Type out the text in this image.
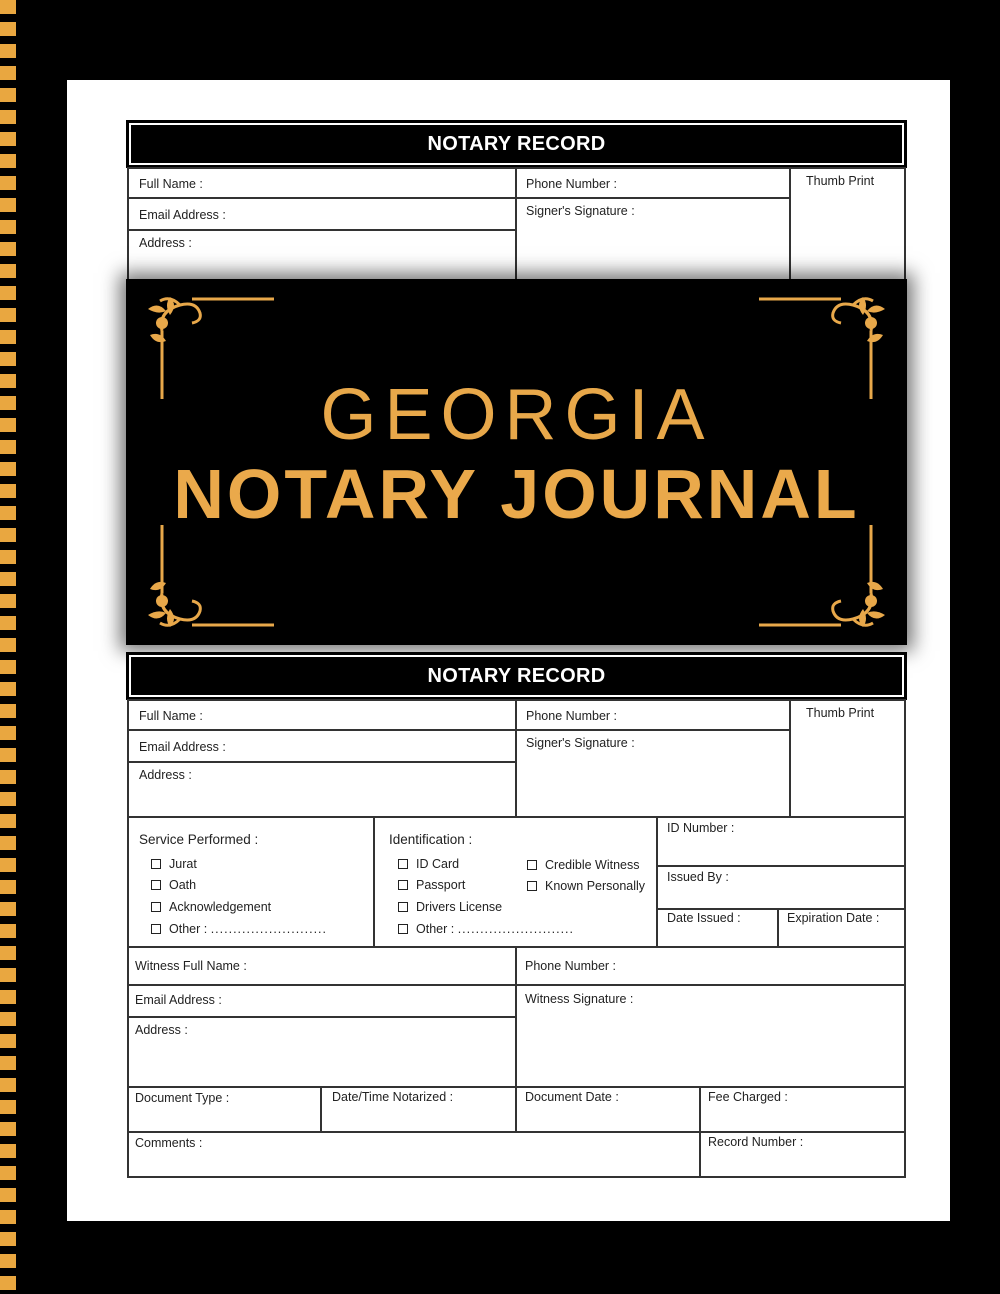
NOTARY RECORD
Full Name :	Phone Number :	Thumb Print
Email Address :	Signer's Signature :
Address :
GEORGIA
NOTARY JOURNAL
NOTARY RECORD
Full Name :	Phone Number :	Thumb Print
Email Address :	Signer's Signature :
Address :
Service Performed :
Jurat
Oath
Acknowledgement
Other : ..........................
Identification :
ID Card
Passport
Drivers License
Other : ..........................
Credible Witness
Known Personally
ID Number :
Issued By :
Date Issued :	Expiration Date :
Witness Full Name :	Phone Number :
Email Address :	Witness Signature :
Address :
Document Type :	Date/Time Notarized :	Document Date :	Fee Charged :
Comments :	Record Number :
